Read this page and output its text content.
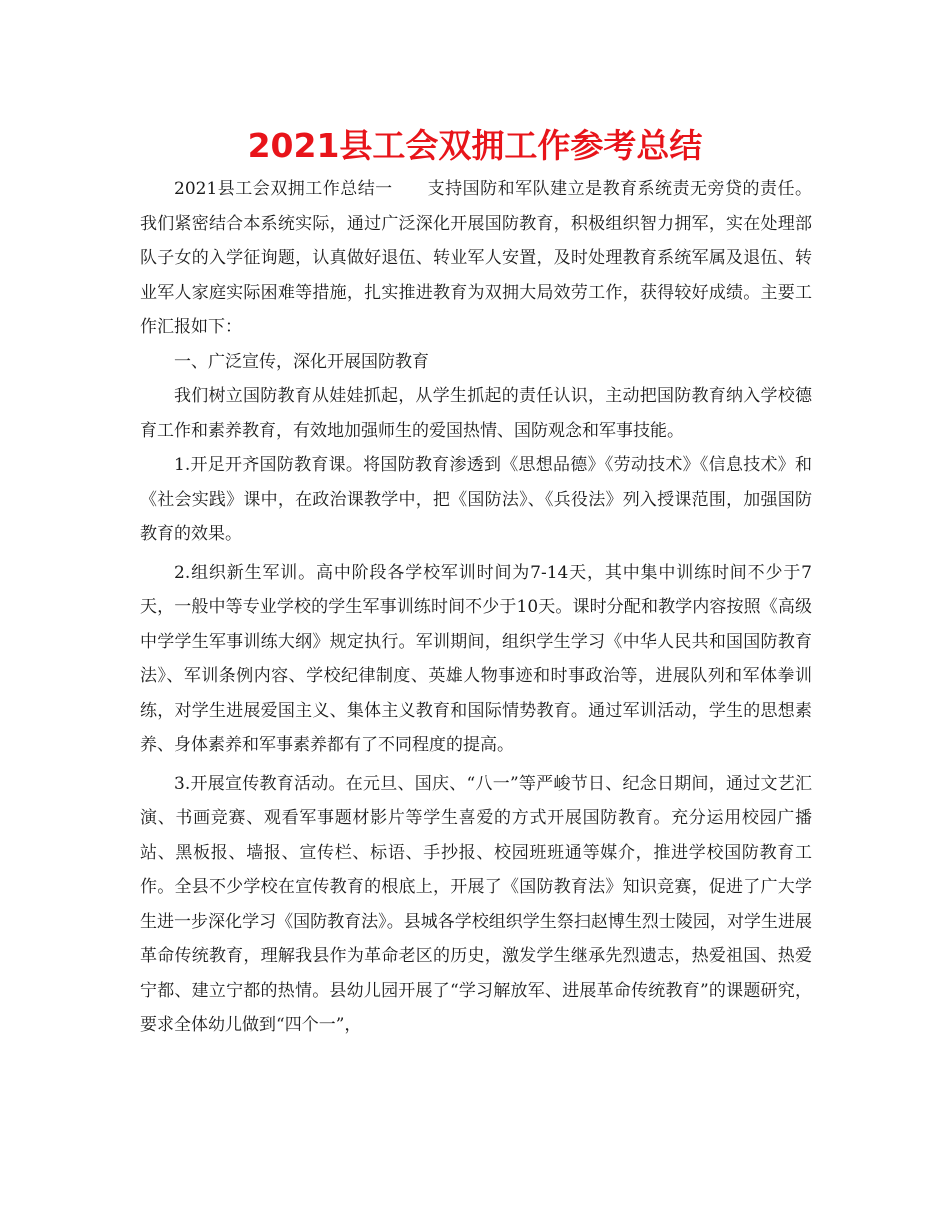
2021县工会双拥工作参考总结

2021县工会双拥工作总结一　　支持国防和军队建立是教育系统责无旁贷的责任。我们紧密结合本系统实际，通过广泛深化开展国防教育，积极组织智力拥军，实在处理部队子女的入学征询题，认真做好退伍、转业军人安置，及时处理教育系统军属及退伍、转业军人家庭实际困难等措施，扎实推进教育为双拥大局效劳工作，获得较好成绩。主要工作汇报如下：

一、广泛宣传，深化开展国防教育

我们树立国防教育从娃娃抓起，从学生抓起的责任认识，主动把国防教育纳入学校德育工作和素养教育，有效地加强师生的爱国热情、国防观念和军事技能。

1.开足开齐国防教育课。将国防教育渗透到《思想品德》《劳动技术》《信息技术》和《社会实践》课中，在政治课教学中，把《国防法》、《兵役法》列入授课范围，加强国防教育的效果。

2.组织新生军训。高中阶段各学校军训时间为7-14天，其中集中训练时间不少于7天，一般中等专业学校的学生军事训练时间不少于10天。课时分配和教学内容按照《高级中学学生军事训练大纲》规定执行。军训期间，组织学生学习《中华人民共和国国防教育法》、军训条例内容、学校纪律制度、英雄人物事迹和时事政治等，进展队列和军体拳训练，对学生进展爱国主义、集体主义教育和国际情势教育。通过军训活动，学生的思想素养、身体素养和军事素养都有了不同程度的提高。

3.开展宣传教育活动。在元旦、国庆、“八一”等严峻节日、纪念日期间，通过文艺汇演、书画竞赛、观看军事题材影片等学生喜爱的方式开展国防教育。充分运用校园广播站、黑板报、墙报、宣传栏、标语、手抄报、校园班班通等媒介，推进学校国防教育工作。全县不少学校在宣传教育的根底上，开展了《国防教育法》知识竞赛，促进了广大学生进一步深化学习《国防教育法》。县城各学校组织学生祭扫赵博生烈士陵园，对学生进展革命传统教育，理解我县作为革命老区的历史，激发学生继承先烈遗志，热爱祖国、热爱宁都、建立宁都的热情。县幼儿园开展了“学习解放军、进展革命传统教育”的课题研究，要求全体幼儿做到“四个一”，
